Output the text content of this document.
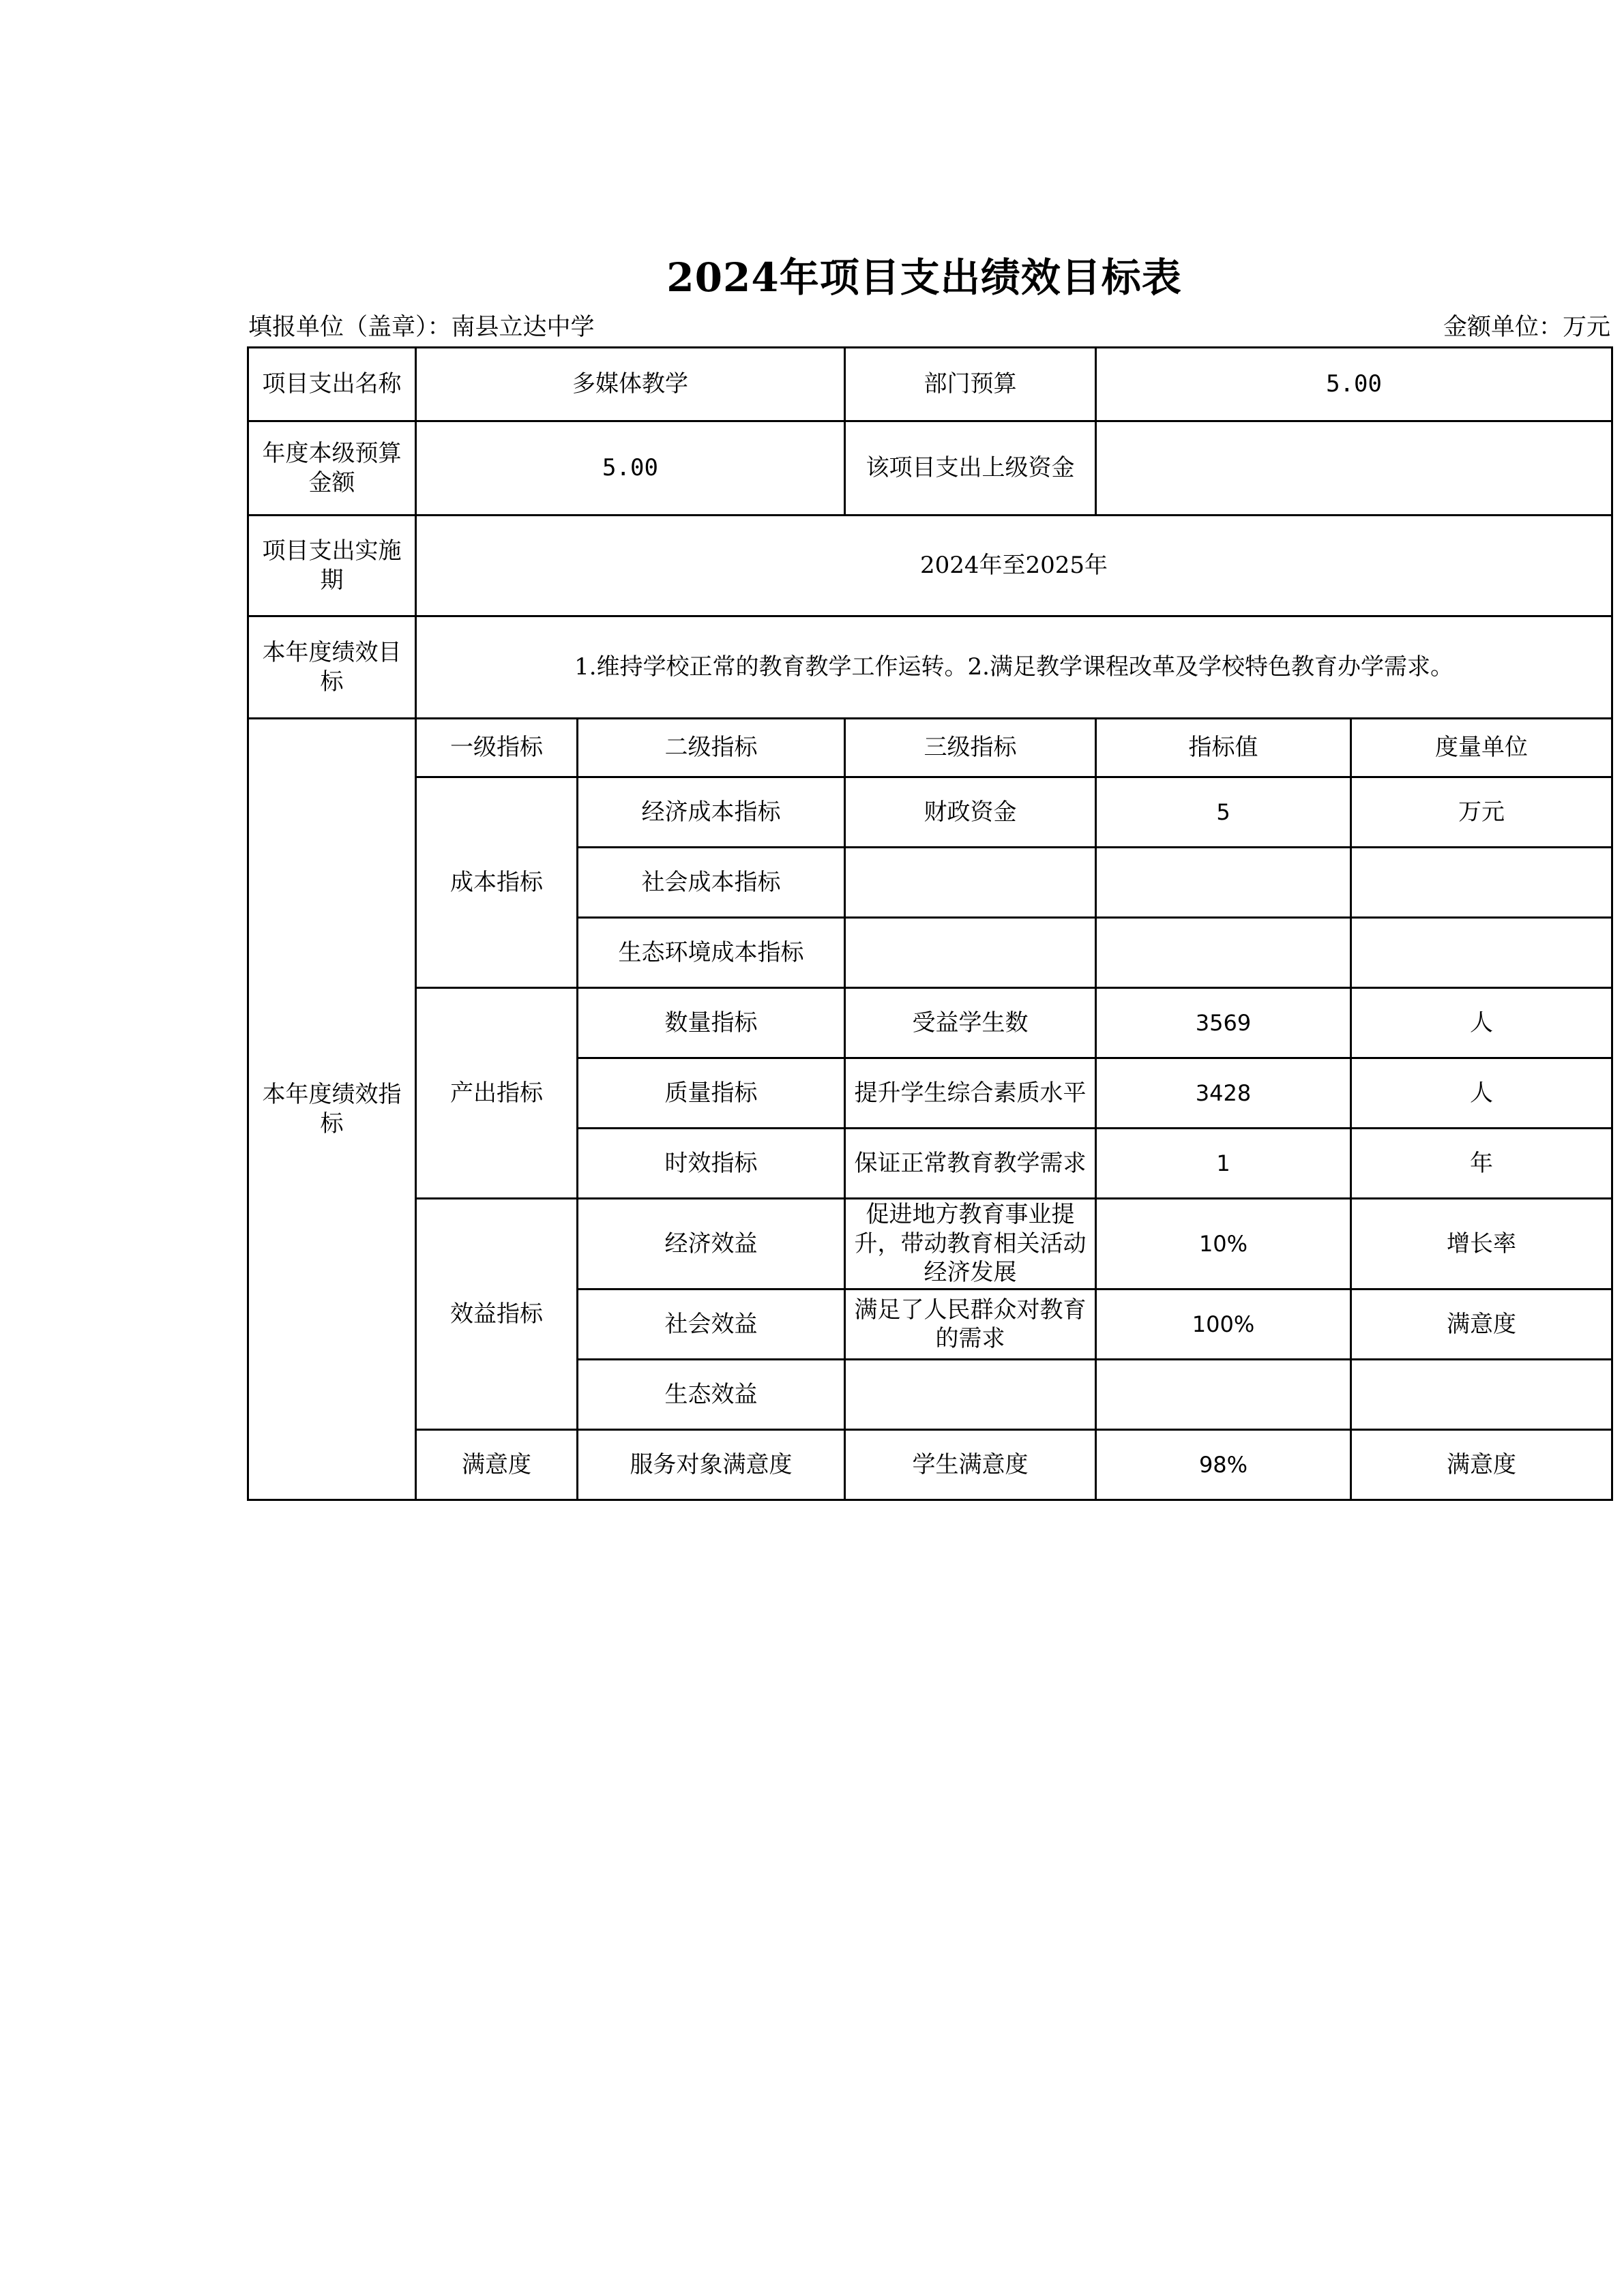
2024年项目支出绩效目标表
填报单位（盖章）：南县立达中学	金额单位：万元
项目支出名称	多媒体教学		部门预算	5.00	
年度本级预算金额	5.00		该项目支出上级资金		
项目支出实施期	2024年至2025年				
本年度绩效目标	1.维持学校正常的教育教学工作运转。2.满足教学课程改革及学校特色教育办学需求。				
本年度绩效指标	一级指标	二级指标	三级指标	指标值	度量单位
	成本指标	经济成本指标	财政资金	5	万元
		社会成本指标			
		生态环境成本指标			
	产出指标	数量指标	受益学生数	3569	人
		质量指标	提升学生综合素质水平	3428	人
		时效指标	保证正常教育教学需求	1	年
	效益指标	经济效益	促进地方教育事业提升，带动教育相关活动经济发展	10%	增长率
		社会效益	满足了人民群众对教育的需求	100%	满意度
		生态效益			
	满意度	服务对象满意度	学生满意度	98%	满意度
